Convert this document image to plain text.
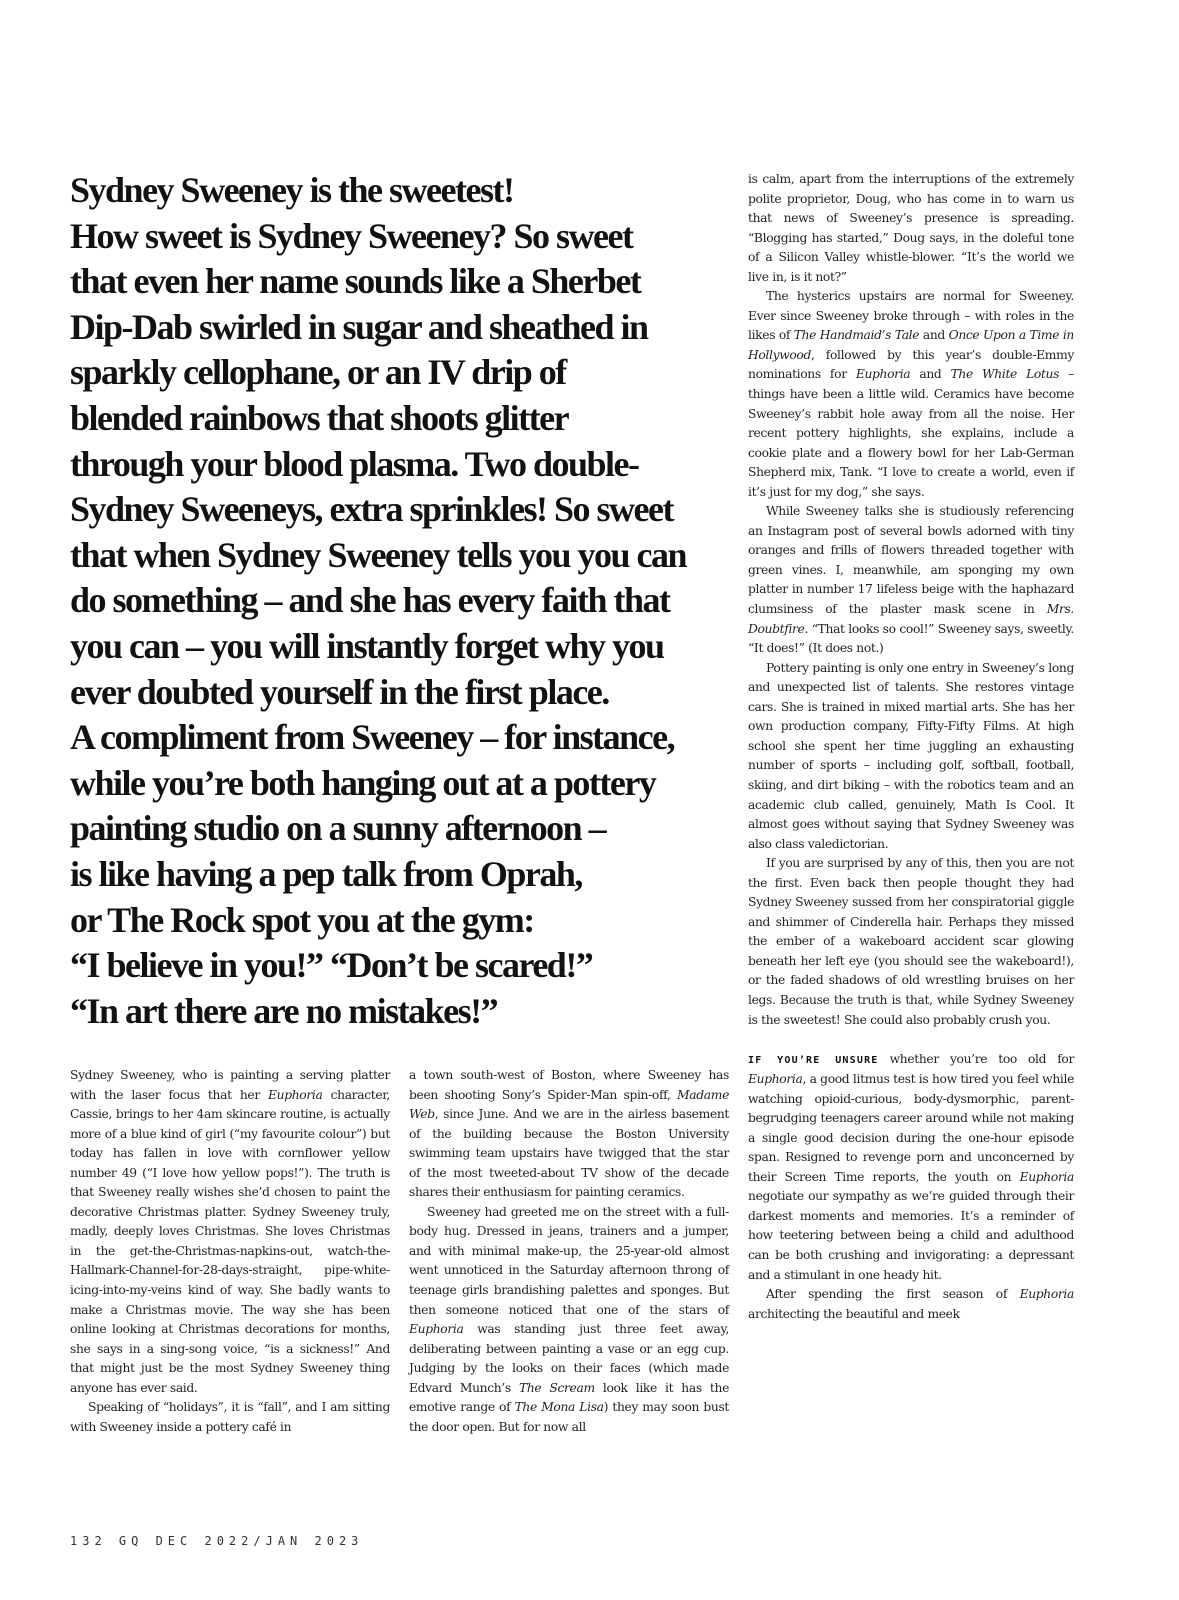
Sydney Sweeney is the sweetest!
How sweet is Sydney Sweeney? So sweet
that even her name sounds like a Sherbet
Dip-Dab swirled in sugar and sheathed in
sparkly cellophane, or an IV drip of
blended rainbows that shoots glitter
through your blood plasma. Two double-
Sydney Sweeneys, extra sprinkles! So sweet
that when Sydney Sweeney tells you you can
do something – and she has every faith that
you can – you will instantly forget why you
ever doubted yourself in the first place.
A compliment from Sweeney – for instance,
while you’re both hanging out at a pottery
painting studio on a sunny afternoon –
is like having a pep talk from Oprah,
or The Rock spot you at the gym:
“I believe in you!” “Don’t be scared!”
“In art there are no mistakes!”

is calm, apart from the interruptions of the extremely polite proprietor, Doug, who has come in to warn us that news of Sweeney’s presence is spreading. “Blogging has started,” Doug says, in the doleful tone of a Silicon Valley whistle-blower. “It’s the world we live in, is it not?”

The hysterics upstairs are normal for Sweeney. Ever since Sweeney broke through – with roles in the likes of The Handmaid’s Tale and Once Upon a Time in Hollywood, followed by this year’s double-Emmy nominations for Euphoria and The White Lotus – things have been a little wild. Ceramics have become Sweeney’s rabbit hole away from all the noise. Her recent pottery highlights, she explains, include a cookie plate and a flowery bowl for her Lab-German Shepherd mix, Tank. “I love to create a world, even if it’s just for my dog,” she says.

While Sweeney talks she is studiously referencing an Instagram post of several bowls adorned with tiny oranges and frills of flowers threaded together with green vines. I, meanwhile, am sponging my own platter in number 17 lifeless beige with the haphazard clumsiness of the plaster mask scene in Mrs. Doubtfire. “That looks so cool!” Sweeney says, sweetly. “It does!” (It does not.)

Pottery painting is only one entry in Sweeney’s long and unexpected list of talents. She restores vintage cars. She is trained in mixed martial arts. She has her own production company, Fifty-Fifty Films. At high school she spent her time juggling an exhausting number of sports – including golf, softball, football, skiing, and dirt biking – with the robotics team and an academic club called, genuinely, Math Is Cool. It almost goes without saying that Sydney Sweeney was also class valedictorian.

If you are surprised by any of this, then you are not the first. Even back then people thought they had Sydney Sweeney sussed from her conspiratorial giggle and shimmer of Cinderella hair. Perhaps they missed the ember of a wakeboard accident scar glowing beneath her left eye (you should see the wakeboard!), or the faded shadows of old wrestling bruises on her legs. Because the truth is that, while Sydney Sweeney is the sweetest! She could also probably crush you.

IF YOU’RE UNSURE whether you’re too old for Euphoria, a good litmus test is how tired you feel while watching opioid-curious, body-dysmorphic, parent-begrudging teenagers career around while not making a single good decision during the one-hour episode span. Resigned to revenge porn and unconcerned by their Screen Time reports, the youth on Euphoria negotiate our sympathy as we’re guided through their darkest moments and memories. It’s a reminder of how teetering between being a child and adulthood can be both crushing and invigorating: a depressant and a stimulant in one heady hit.

After spending the first season of Euphoria architecting the beautiful and meek

Sydney Sweeney, who is painting a serving platter with the laser focus that her Euphoria character, Cassie, brings to her 4am skincare routine, is actually more of a blue kind of girl (“my favourite colour”) but today has fallen in love with cornflower yellow number 49 (“I love how yellow pops!”). The truth is that Sweeney really wishes she’d chosen to paint the decorative Christmas platter. Sydney Sweeney truly, madly, deeply loves Christmas. She loves Christmas in the get-the-Christmas-napkins-out, watch-the-Hallmark-Channel-for-28-days-straight, pipe-white-icing-into-my-veins kind of way. She badly wants to make a Christmas movie. The way she has been online looking at Christmas decorations for months, she says in a sing-song voice, “is a sickness!” And that might just be the most Sydney Sweeney thing anyone has ever said.

Speaking of “holidays”, it is “fall”, and I am sitting with Sweeney inside a pottery café in

a town south-west of Boston, where Sweeney has been shooting Sony’s Spider-Man spin-off, Madame Web, since June. And we are in the airless basement of the building because the Boston University swimming team upstairs have twigged that the star of the most tweeted-about TV show of the decade shares their enthusiasm for painting ceramics.

Sweeney had greeted me on the street with a full-body hug. Dressed in jeans, trainers and a jumper, and with minimal make-up, the 25-year-old almost went unnoticed in the Saturday afternoon throng of teenage girls brandishing palettes and sponges. But then someone noticed that one of the stars of Euphoria was standing just three feet away, deliberating between painting a vase or an egg cup. Judging by the looks on their faces (which made Edvard Munch’s The Scream look like it has the emotive range of The Mona Lisa) they may soon bust the door open. But for now all

132 GQ DEC 2022/JAN 2023
